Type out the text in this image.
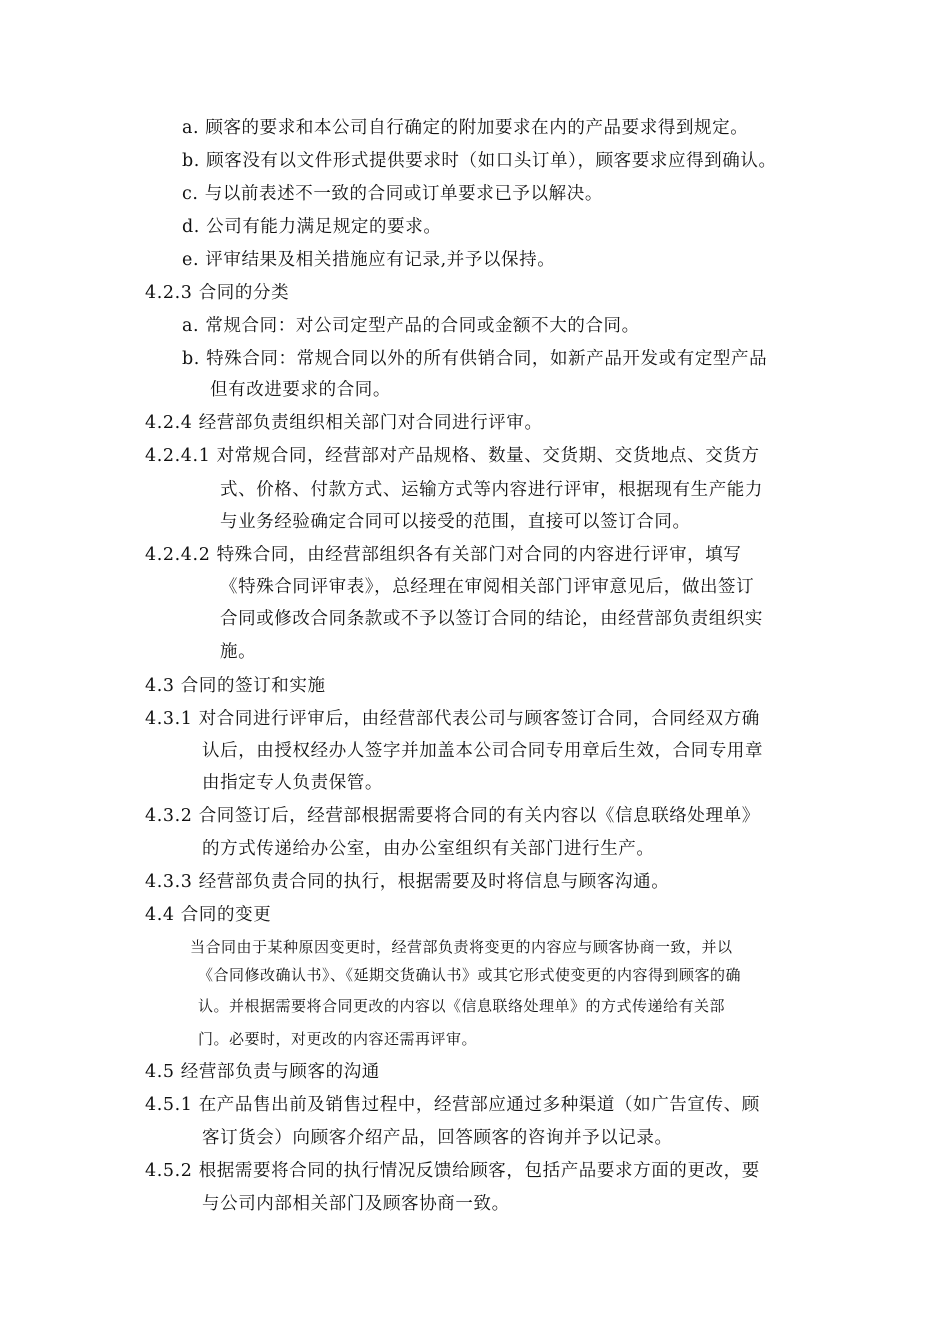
a. 顾客的要求和本公司自行确定的附加要求在内的产品要求得到规定。
b. 顾客没有以文件形式提供要求时（如口头订单），顾客要求应得到确认。
c. 与以前表述不一致的合同或订单要求已予以解决。
d. 公司有能力满足规定的要求。
e. 评审结果及相关措施应有记录,并予以保持。
4.2.3 合同的分类
a. 常规合同：对公司定型产品的合同或金额不大的合同。
b. 特殊合同：常规合同以外的所有供销合同，如新产品开发或有定型产品
但有改进要求的合同。
4.2.4 经营部负责组织相关部门对合同进行评审。
4.2.4.1 对常规合同，经营部对产品规格、数量、交货期、交货地点、交货方
式、价格、付款方式、运输方式等内容进行评审，根据现有生产能力
与业务经验确定合同可以接受的范围，直接可以签订合同。
4.2.4.2 特殊合同，由经营部组织各有关部门对合同的内容进行评审，填写
《特殊合同评审表》，总经理在审阅相关部门评审意见后，做出签订
合同或修改合同条款或不予以签订合同的结论，由经营部负责组织实
施。
4.3 合同的签订和实施
4.3.1 对合同进行评审后，由经营部代表公司与顾客签订合同，合同经双方确
认后，由授权经办人签字并加盖本公司合同专用章后生效，合同专用章
由指定专人负责保管。
4.3.2 合同签订后，经营部根据需要将合同的有关内容以《信息联络处理单》
的方式传递给办公室，由办公室组织有关部门进行生产。
4.3.3 经营部负责合同的执行，根据需要及时将信息与顾客沟通。
4.4 合同的变更
当合同由于某种原因变更时，经营部负责将变更的内容应与顾客协商一致，并以
《合同修改确认书》、《延期交货确认书》或其它形式使变更的内容得到顾客的确
认。并根据需要将合同更改的内容以《信息联络处理单》的方式传递给有关部
门。必要时，对更改的内容还需再评审。
4.5 经营部负责与顾客的沟通
4.5.1 在产品售出前及销售过程中，经营部应通过多种渠道（如广告宣传、顾
客订货会）向顾客介绍产品，回答顾客的咨询并予以记录。
4.5.2 根据需要将合同的执行情况反馈给顾客，包括产品要求方面的更改，要
与公司内部相关部门及顾客协商一致。
